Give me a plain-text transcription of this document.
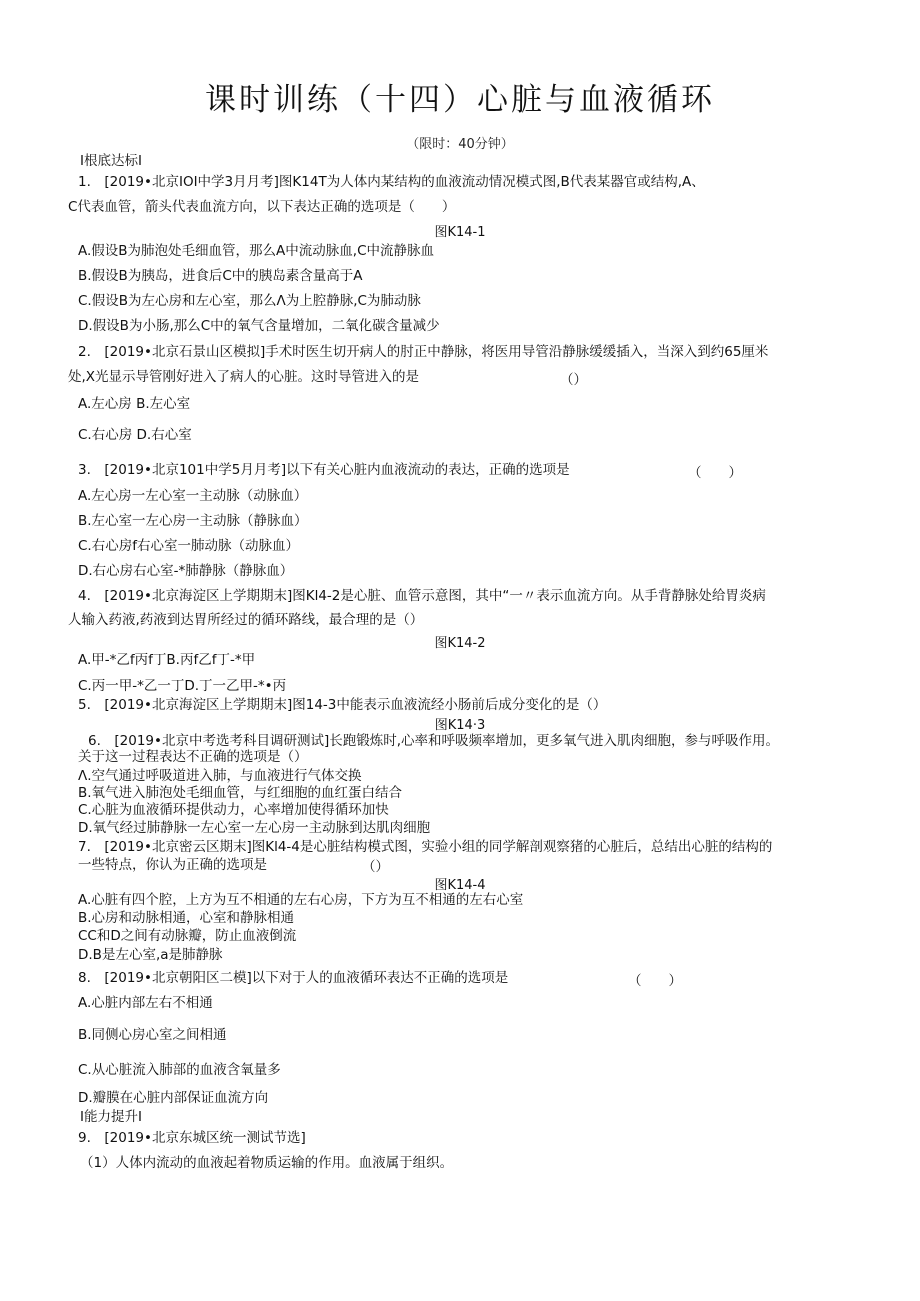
课时训练（十四）心脏与血液循环
（限时：40分钟）
I根底达标I
1.　[2019•北京IOI中学3月月考]图K14T为人体内某结构的血液流动情况模式图,B代表某器官或结构,A、
C代表血管，箭头代表血流方向，以下表达正确的选项是（　　）
图K14-1
A.假设B为肺泡处毛细血管，那么A中流动脉血,C中流静脉血
B.假设B为胰岛，进食后C中的胰岛素含量高于A
C.假设B为左心房和左心室，那么Λ为上腔静脉,C为肺动脉
D.假设B为小肠,那么C中的氧气含量增加，二氧化碳含量减少
2.　[2019•北京石景山区模拟]手术时医生切开病人的肘正中静脉，将医用导管沿静脉缓缓插入，当深入到约65厘米
处,X光显示导管刚好进入了病人的心脏。这时导管进入的是	（）
A.左心房 B.左心室
C.右心房 D.右心室
3.　[2019•北京101中学5月月考]以下有关心脏内血液流动的表达，正确的选项是	（　　）
A.左心房一左心室一主动脉（动脉血）
B.左心室一左心房一主动脉（静脉血）
C.右心房f右心室一肺动脉（动脉血）
D.右心房右心室-*肺静脉（静脉血）
4.　[2019•北京海淀区上学期期末]图Kl4-2是心脏、血管示意图，其中“一〃表示血流方向。从手背静脉处给胃炎病
人输入药液,药液到达胃所经过的循环路线，最合理的是（）
图K14-2
A.甲-*乙f丙f丁B.丙f乙f丁-*甲
C.丙一甲-*乙一丁D.丁一乙甲-*•丙
5.　[2019•北京海淀区上学期期末]图14-3中能表示血液流经小肠前后成分变化的是（）
图K14·3
6.　[2019•北京中考选考科目调研测试]长跑锻炼时,心率和呼吸频率增加，更多氧气进入肌肉细胞，参与呼吸作用。
关于这一过程表达不正确的选项是（）
Λ.空气通过呼吸道进入肺，与血液进行气体交换
B.氧气进入肺泡处毛细血管，与红细胞的血红蛋白结合
C.心脏为血液循环提供动力，心率增加使得循环加快
D.氧气经过肺静脉一左心室一左心房一主动脉到达肌肉细胞
7.　[2019•北京密云区期末]图Kl4-4是心脏结构模式图，实验小组的同学解剖观察猪的心脏后，总结出心脏的结构的
一些特点，你认为正确的选项是	（）
图K14-4
A.心脏有四个腔，上方为互不相通的左右心房，下方为互不相通的左右心室
B.心房和动脉相通，心室和静脉相通
CC和D之间有动脉瓣，防止血液倒流
D.B是左心室,a是肺静脉
8.　[2019•北京朝阳区二模]以下对于人的血液循环表达不正确的选项是	（　　）
A.心脏内部左右不相通
B.同侧心房心室之间相通
C.从心脏流入肺部的血液含氧量多
D.瓣膜在心脏内部保证血流方向
I能力提升I
9.　[2019•北京东城区统一测试节选]
（1）人体内流动的血液起着物质运输的作用。血液属于组织。
